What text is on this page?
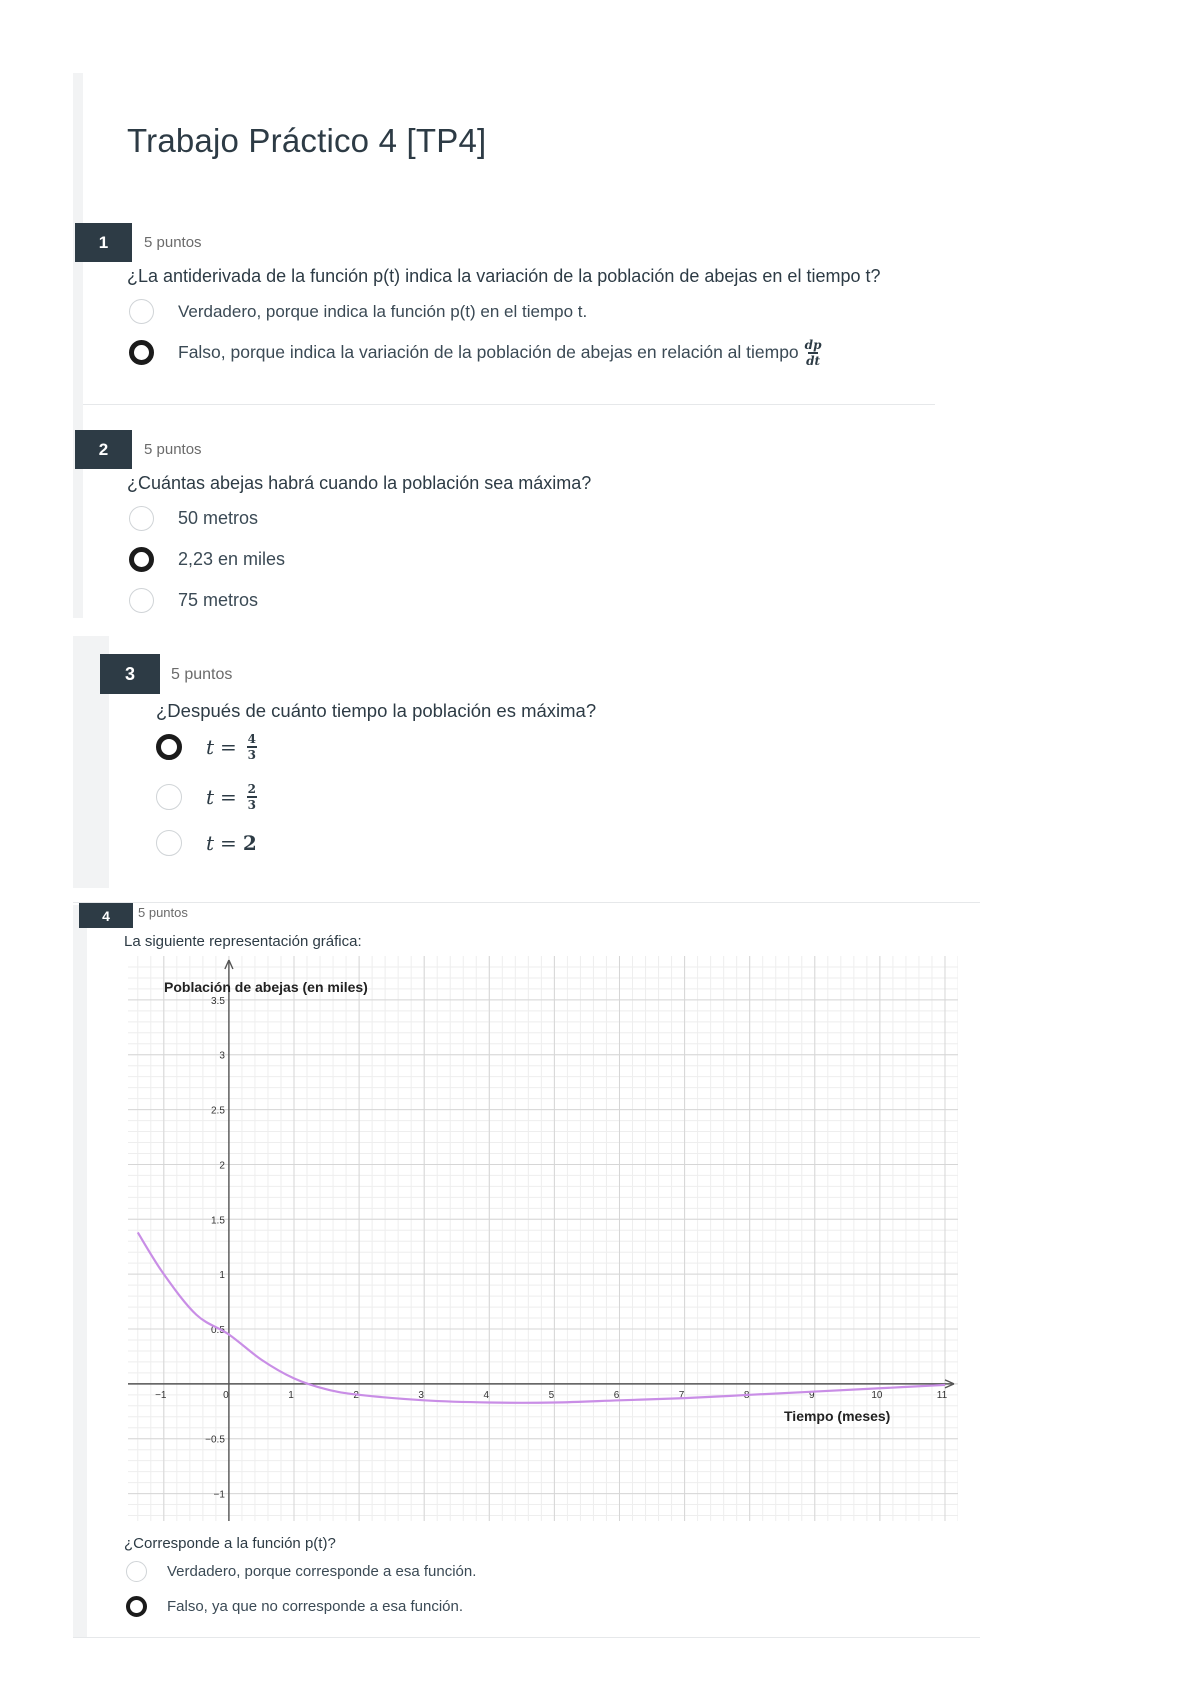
Trabajo Práctico 4 [TP4]
1	5 puntos
¿La antiderivada de la función p(t) indica la variación de la población de abejas en el tiempo t?
Verdadero, porque indica la función p(t) en el tiempo t.
Falso, porque indica la variación de la población de abejas en relación al tiempo $\frac{dp}{dt}$
2	5 puntos
¿Cuántas abejas habrá cuando la población sea máxima?
50 metros
2,23 en miles
75 metros
3	5 puntos
¿Después de cuánto tiempo la población es máxima?
$t = \frac{4}{3}$
$t = \frac{2}{3}$
t = 2
4	5 puntos
La siguiente representación gráfica:
−1	0	1	2	3	4	5	6	7	8	9	10	11
−1
−0.5
0.5
1
1.5
2
2.5
3
3.5
Población de abejas (en miles)
Tiempo (meses)
¿Corresponde a la función p(t)?
Verdadero, porque corresponde a esa función.
Falso, ya que no corresponde a esa función.
